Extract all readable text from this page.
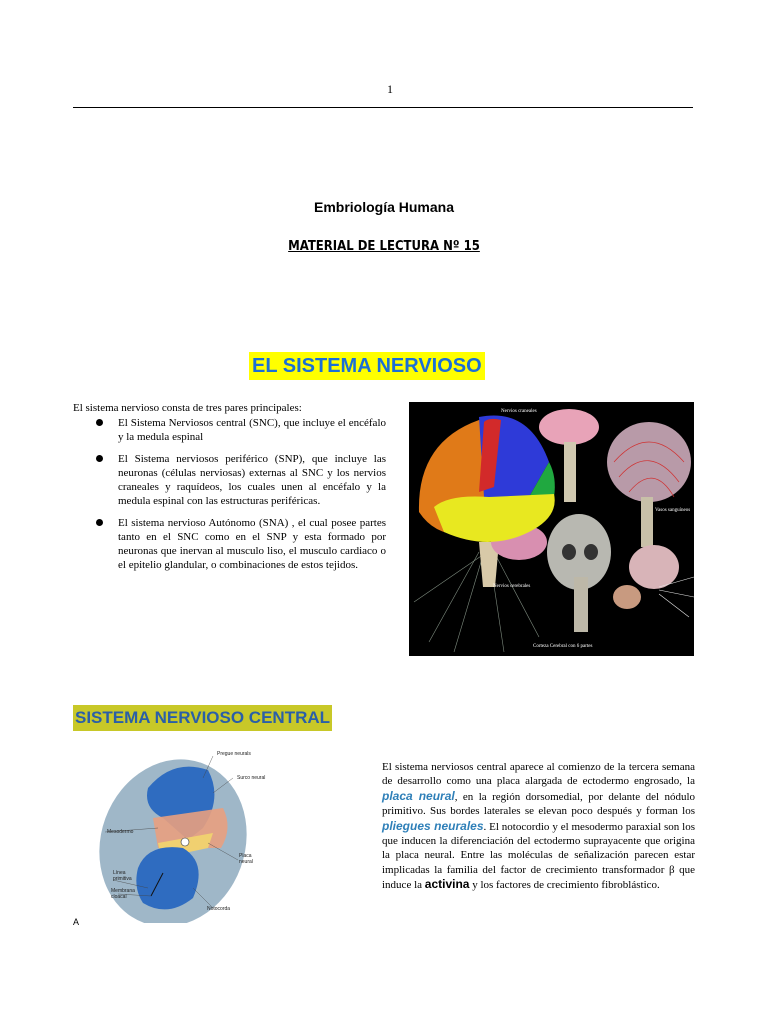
1
Embriología Humana
MATERIAL DE LECTURA Nº 15
EL SISTEMA NERVIOSO
El sistema nervioso consta de tres pares principales:
El Sistema Nerviosos central (SNC), que incluye el encéfalo y la medula espinal
El Sistema nerviosos periférico (SNP), que incluye las neuronas (células nerviosas) externas al SNC y los nervios craneales y raquídeos, los cuales unen al encéfalo y la medula espinal con las estructuras periféricas.
El sistema nervioso Autónomo (SNA) , el cual posee partes tanto en el SNC como en el SNP y esta formado por neuronas que inervan al musculo liso, el musculo cardiaco o el epitelio glandular, o combinaciones de estos tejidos.
Nervios craneales
Vasos sanguíneos
Nervios cerebrales
Corteza Cerebral con 6 partes
SISTEMA NERVIOSO CENTRAL
Pregue neurals
Surco neural
Mesodermo
Placa neural
Línea primitiva
Membrana cloacal
Notocorda
A
El sistema nerviosos central aparece al comienzo de la tercera semana de desarrollo como una placa alargada de ectodermo engrosado, la placa neural, en la región dorsomedial, por delante del nódulo primitivo. Sus bordes laterales se elevan poco después y forman los pliegues neurales. El notocordio y el mesodermo paraxial son los que inducen la diferenciación del ectodermo suprayacente que origina la placa neural. Entre las moléculas de señalización parecen estar implicadas la familia del factor de crecimiento transformador β que induce la activina y los factores de crecimiento fibroblástico.
